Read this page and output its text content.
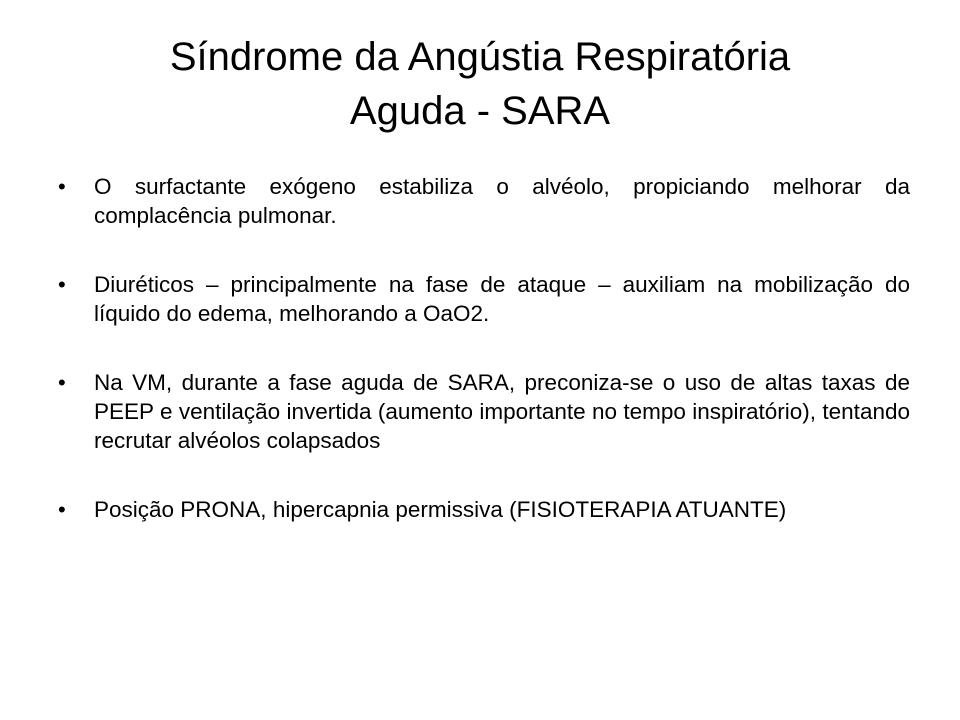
Síndrome da Angústia Respiratória
Aguda - SARA
•	O surfactante exógeno estabiliza o alvéolo, propiciando melhorar da complacência pulmonar.
•	Diuréticos – principalmente na fase de ataque – auxiliam na mobilização do líquido do edema, melhorando a OaO2.
•	Na VM, durante a fase aguda de SARA, preconiza-se o uso de altas taxas de PEEP e ventilação invertida (aumento importante no tempo inspiratório), tentando recrutar alvéolos colapsados
•	Posição PRONA, hipercapnia permissiva (FISIOTERAPIA ATUANTE)
